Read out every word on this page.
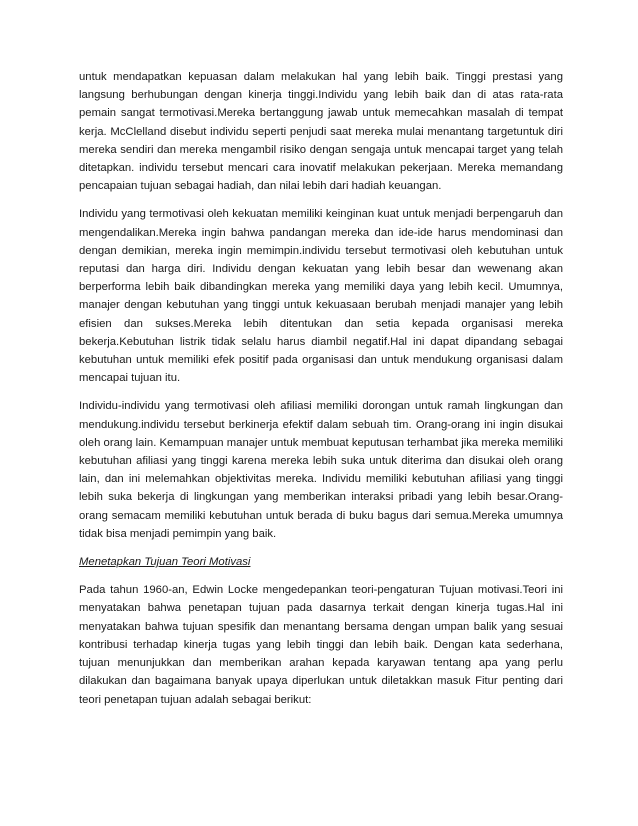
untuk mendapatkan kepuasan dalam melakukan hal yang lebih baik. Tinggi prestasi yang langsung berhubungan dengan kinerja tinggi.Individu yang lebih baik dan di atas rata-rata pemain sangat termotivasi.Mereka bertanggung jawab untuk memecahkan masalah di tempat kerja. McClelland disebut individu seperti penjudi saat mereka mulai menantang targetuntuk diri mereka sendiri dan mereka mengambil risiko dengan sengaja untuk mencapai target yang telah ditetapkan. individu tersebut mencari cara inovatif melakukan pekerjaan. Mereka memandang pencapaian tujuan sebagai hadiah, dan nilai lebih dari hadiah keuangan.

Individu yang termotivasi oleh kekuatan memiliki keinginan kuat untuk menjadi berpengaruh dan mengendalikan.Mereka ingin bahwa pandangan mereka dan ide-ide harus mendominasi dan dengan demikian, mereka ingin memimpin.individu tersebut termotivasi oleh kebutuhan untuk reputasi dan harga diri. Individu dengan kekuatan yang lebih besar dan wewenang akan berperforma lebih baik dibandingkan mereka yang memiliki daya yang lebih kecil. Umumnya, manajer dengan kebutuhan yang tinggi untuk kekuasaan berubah menjadi manajer yang lebih efisien dan sukses.Mereka lebih ditentukan dan setia kepada organisasi mereka bekerja.Kebutuhan listrik tidak selalu harus diambil negatif.Hal ini dapat dipandang sebagai kebutuhan untuk memiliki efek positif pada organisasi dan untuk mendukung organisasi dalam mencapai tujuan itu.

Individu-individu yang termotivasi oleh afiliasi memiliki dorongan untuk ramah lingkungan dan mendukung.individu tersebut berkinerja efektif dalam sebuah tim. Orang-orang ini ingin disukai oleh orang lain. Kemampuan manajer untuk membuat keputusan terhambat jika mereka memiliki kebutuhan afiliasi yang tinggi karena mereka lebih suka untuk diterima dan disukai oleh orang lain, dan ini melemahkan objektivitas mereka. Individu memiliki kebutuhan afiliasi yang tinggi lebih suka bekerja di lingkungan yang memberikan interaksi pribadi yang lebih besar.Orang-orang semacam memiliki kebutuhan untuk berada di buku bagus dari semua.Mereka umumnya tidak bisa menjadi pemimpin yang baik.

Menetapkan Tujuan Teori Motivasi

Pada tahun 1960-an, Edwin Locke mengedepankan teori-pengaturan Tujuan motivasi.Teori ini menyatakan bahwa penetapan tujuan pada dasarnya terkait dengan kinerja tugas.Hal ini menyatakan bahwa tujuan spesifik dan menantang bersama dengan umpan balik yang sesuai kontribusi terhadap kinerja tugas yang lebih tinggi dan lebih baik. Dengan kata sederhana, tujuan menunjukkan dan memberikan arahan kepada karyawan tentang apa yang perlu dilakukan dan bagaimana banyak upaya diperlukan untuk diletakkan masuk Fitur penting dari teori penetapan tujuan adalah sebagai berikut:
